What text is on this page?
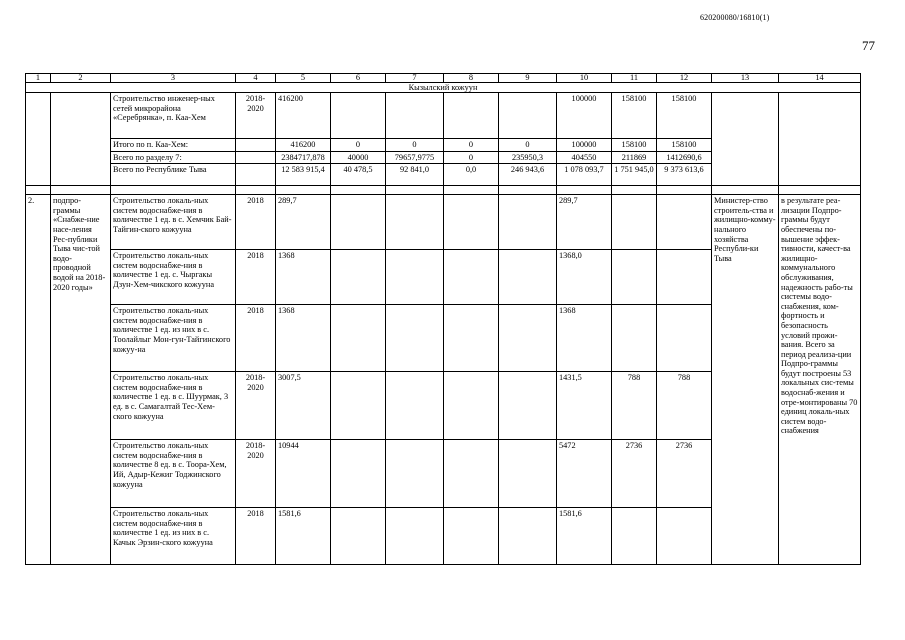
620200080/16810(1)
77
1	2	3	4	5	6	7	8	9	10	11	12	13	14
Кызылский кожуун													
		Строительство инженер-ных сетей микрорайона «Серебрянка», п. Каа-Хем	2018-2020	416200					100000	158100	158100		
		Итого по п. Каа-Хем:		416200	0	0	0	0	100000	158100	158100		
		Всего по разделу 7:		2384717,878	40000	79657,9775	0	235950,3	404550	211869	1412690,6		
		Всего по Республике Тыва		12 583 915,4	40 478,5	92 841,0	0,0	246 943,6	1 078 093,7	1 751 945,0	9 373 613,6		

2.	подпро-граммы «Снабже-ние насе-ления Рес-публики Тыва чис-той водо-проводной водой на 2018-2020 годы»	Строительство локаль-ных систем водоснабже-ния в количестве 1 ед. в с. Хемчик Бай-Тайгин-ского кожууна	2018	289,7					289,7			Министер-ство строитель-ства и жилищно-комму-нального хозяйства Республи-ки Тыва	в результате реа-лизации Подпро-граммы будут обеспечены по-вышение эффек-тивности, качест-ва жилищно-коммунального обслуживания, надежность рабо-ты системы водо-снабжения, ком-фортность и безопасность условий прожи-вания. Всего за период реализа-ции Подпро-граммы будут построены 53 локальных сис-темы водоснаб-жения и отре-монтированы 70 единиц локаль-ных систем водо-снабжения
		Строительство локаль-ных систем водоснабже-ния в количестве 1 ед. с. Чыргакы Дзун-Хем-чикского кожууна	2018	1368					1368,0				
		Строительство локаль-ных систем водоснабже-ния в количестве 1 ед. из них в с. Тоолайлыг Мон-гун-Тайгинского кожуу-на	2018	1368					1368				
		Строительство локаль-ных систем водоснабже-ния в количестве 1 ед. в с. Шуурмак, 3 ед. в с. Самагалтай Тес-Хем-ского кожууна	2018-2020	3007,5					1431,5	788	788		
		Строительство локаль-ных систем водоснабже-ния в количестве 8 ед. в с. Тоора-Хем, Ий, Адыр-Кежиг Тоджинского кожууна	2018-2020	10944					5472	2736	2736		
		Строительство локаль-ных систем водоснабже-ния в количестве 1 ед. из них в с. Качык Эрзин-ского кожууна	2018	1581,6					1581,6				
